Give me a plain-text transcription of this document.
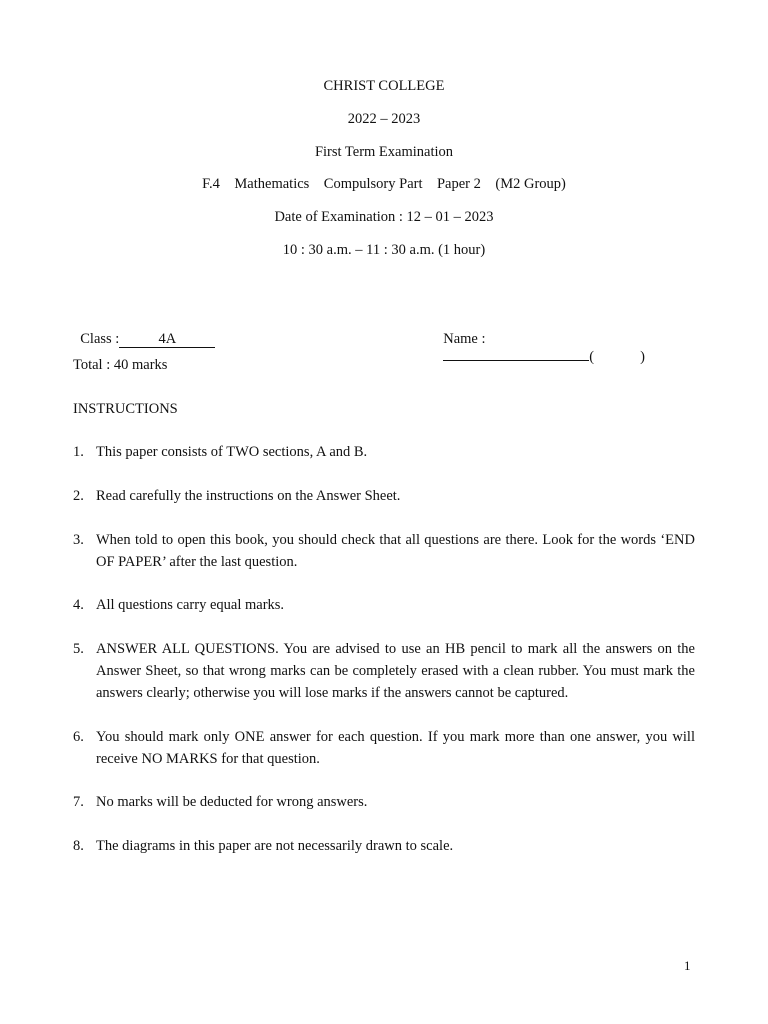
CHRIST COLLEGE
2022 – 2023
First Term Examination
F.4    Mathematics    Compulsory Part    Paper 2    (M2 Group)
Date of Examination : 12 – 01 – 2023
10 : 30 a.m. – 11 : 30 a.m. (1 hour)

Class :	4A	Name :
(	)

Total : 40 marks
INSTRUCTIONS
1. This paper consists of TWO sections, A and B.
2. Read carefully the instructions on the Answer Sheet.
3. When told to open this book, you should check that all questions are there. Look for the words ‘END OF PAPER’ after the last question.
4. All questions carry equal marks.
5. ANSWER ALL QUESTIONS. You are advised to use an HB pencil to mark all the answers on the Answer Sheet, so that wrong marks can be completely erased with a clean rubber. You must mark the answers clearly; otherwise you will lose marks if the answers cannot be captured.
6. You should mark only ONE answer for each question. If you mark more than one answer, you will receive NO MARKS for that question.
7. No marks will be deducted for wrong answers.
8. The diagrams in this paper are not necessarily drawn to scale.
1
